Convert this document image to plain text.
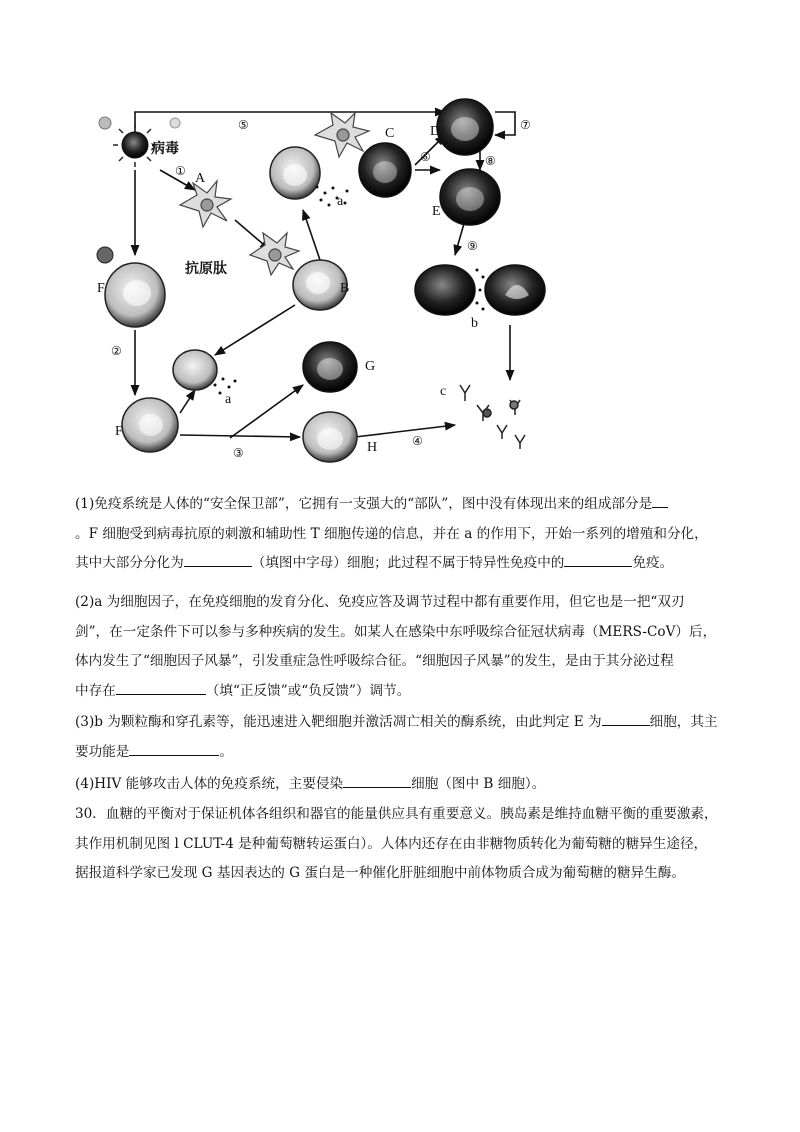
病毒
抗原肽
A
B
C	D
E
F
F
G
H
a
a
b
c
①
②
③
④
⑤
⑥
⑦
⑧
⑨
(1)免疫系统是人体的“安全保卫部”，它拥有一支强大的“部队”，图中没有体现出来的组成部分是
。F 细胞受到病毒抗原的刺激和辅助性 T 细胞传递的信息，并在 a 的作用下，开始一系列的增殖和分化，
其中大部分分化为	（填图中字母）细胞；此过程不属于特异性免疫中的	免疫。
(2)a 为细胞因子，在免疫细胞的发育分化、免疫应答及调节过程中都有重要作用，但它也是一把“双刃
剑”，在一定条件下可以参与多种疾病的发生。如某人在感染中东呼吸综合征冠状病毒（MERS-CoV）后，
体内发生了“细胞因子风暴”，引发重症急性呼吸综合征。“细胞因子风暴”的发生，是由于其分泌过程
中存在	（填“正反馈”或“负反馈”）调节。
(3)b 为颗粒酶和穿孔素等，能迅速进入靶细胞并激活凋亡相关的酶系统，由此判定 E 为	细胞，其主
要功能是	。
(4)HIV 能够攻击人体的免疫系统，主要侵染	细胞（图中 B 细胞）。
30．血糖的平衡对于保证机体各组织和器官的能量供应具有重要意义。胰岛素是维持血糖平衡的重要激素，
其作用机制见图 l CLUT-4 是种葡萄糖转运蛋白）。人体内还存在由非糖物质转化为葡萄糖的糖异生途径，
据报道科学家已发现 G 基因表达的 G 蛋白是一种催化肝脏细胞中前体物质合成为葡萄糖的糖异生酶。
